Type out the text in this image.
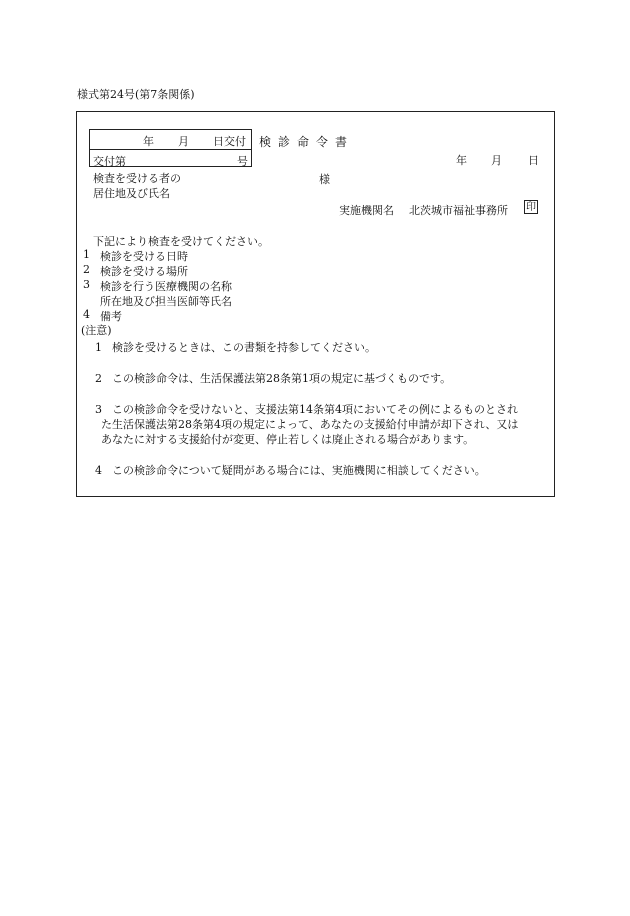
様式第24号(第7条関係)
年 月 日交付
交付第	号
検診命令書
年 月 日
検査を受ける者の
居住地及び氏名
様
実施機関名 北茨城市福祉事務所 印
下記により検査を受けてください。
1 検診を受ける日時
2 検診を受ける場所
3 検診を行う医療機関の名称
所在地及び担当医師等氏名
4 備考
(注意)
1 検診を受けるときは、この書類を持参してください。
2 この検診命令は、生活保護法第28条第1項の規定に基づくものです。
3 この検診命令を受けないと、支援法第14条第4項においてその例によるものとされ
た生活保護法第28条第4項の規定によって、あなたの支援給付申請が却下され、又は
あなたに対する支援給付が変更、停止若しくは廃止される場合があります。
4 この検診命令について疑問がある場合には、実施機関に相談してください。
